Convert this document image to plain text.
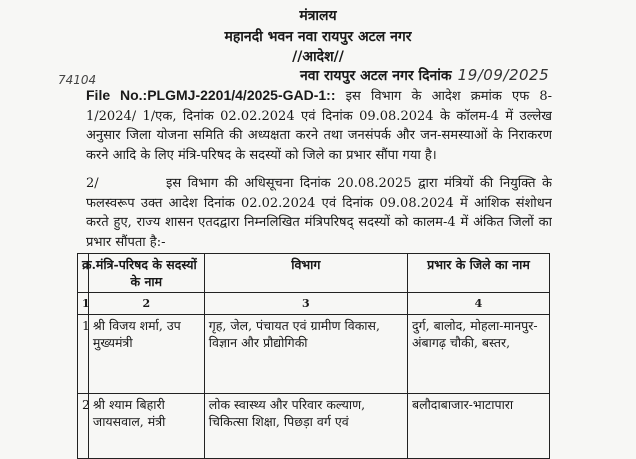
मंत्रालय
महानदी भवन नवा रायपुर अटल नगर
//आदेश//
नवा रायपुर अटल नगर दिनांक 19/09/2025
74104
File No.:PLGMJ-2201/4/2025-GAD-1:: इस विभाग के आदेश क्रमांक एफ 8-1/2024/ 1/एक, दिनांक 02.02.2024 एवं दिनांक 09.08.2024 के कॉलम-4 में उल्लेख अनुसार जिला योजना समिति की अध्यक्षता करने तथा जनसंपर्क और जन-समस्याओं के निराकरण करने आदि के लिए मंत्रि-परिषद के सदस्यों को जिले का प्रभार सौंपा गया है।
2/	इस विभाग की अधिसूचना दिनांक 20.08.2025 द्वारा मंत्रियों की नियुक्ति के फलस्वरूप उक्त आदेश दिनांक 02.02.2024 एवं दिनांक 09.08.2024 में आंशिक संशोधन करते हुए, राज्य शासन एतदद्वारा निम्नलिखित मंत्रिपरिषद् सदस्यों को कालम-4 में अंकित जिलों का प्रभार सौंपता है:-
क्र.	मंत्रि-परिषद के सदस्यों के नाम	विभाग	प्रभार के जिले का नाम
1	2	3	4
1	श्री विजय शर्मा, उप मुख्यमंत्री	गृह, जेल, पंचायत एवं ग्रामीण विकास, विज्ञान और प्रौद्योगिकी	दुर्ग, बालोद, मोहला-मानपुर-अंबागढ़ चौकी, बस्तर,
2	श्री श्याम बिहारी जायसवाल, मंत्री	लोक स्वास्थ्य और परिवार कल्याण, चिकित्सा शिक्षा, पिछड़ा वर्ग एवं	बलौदाबाजार-भाटापारा
